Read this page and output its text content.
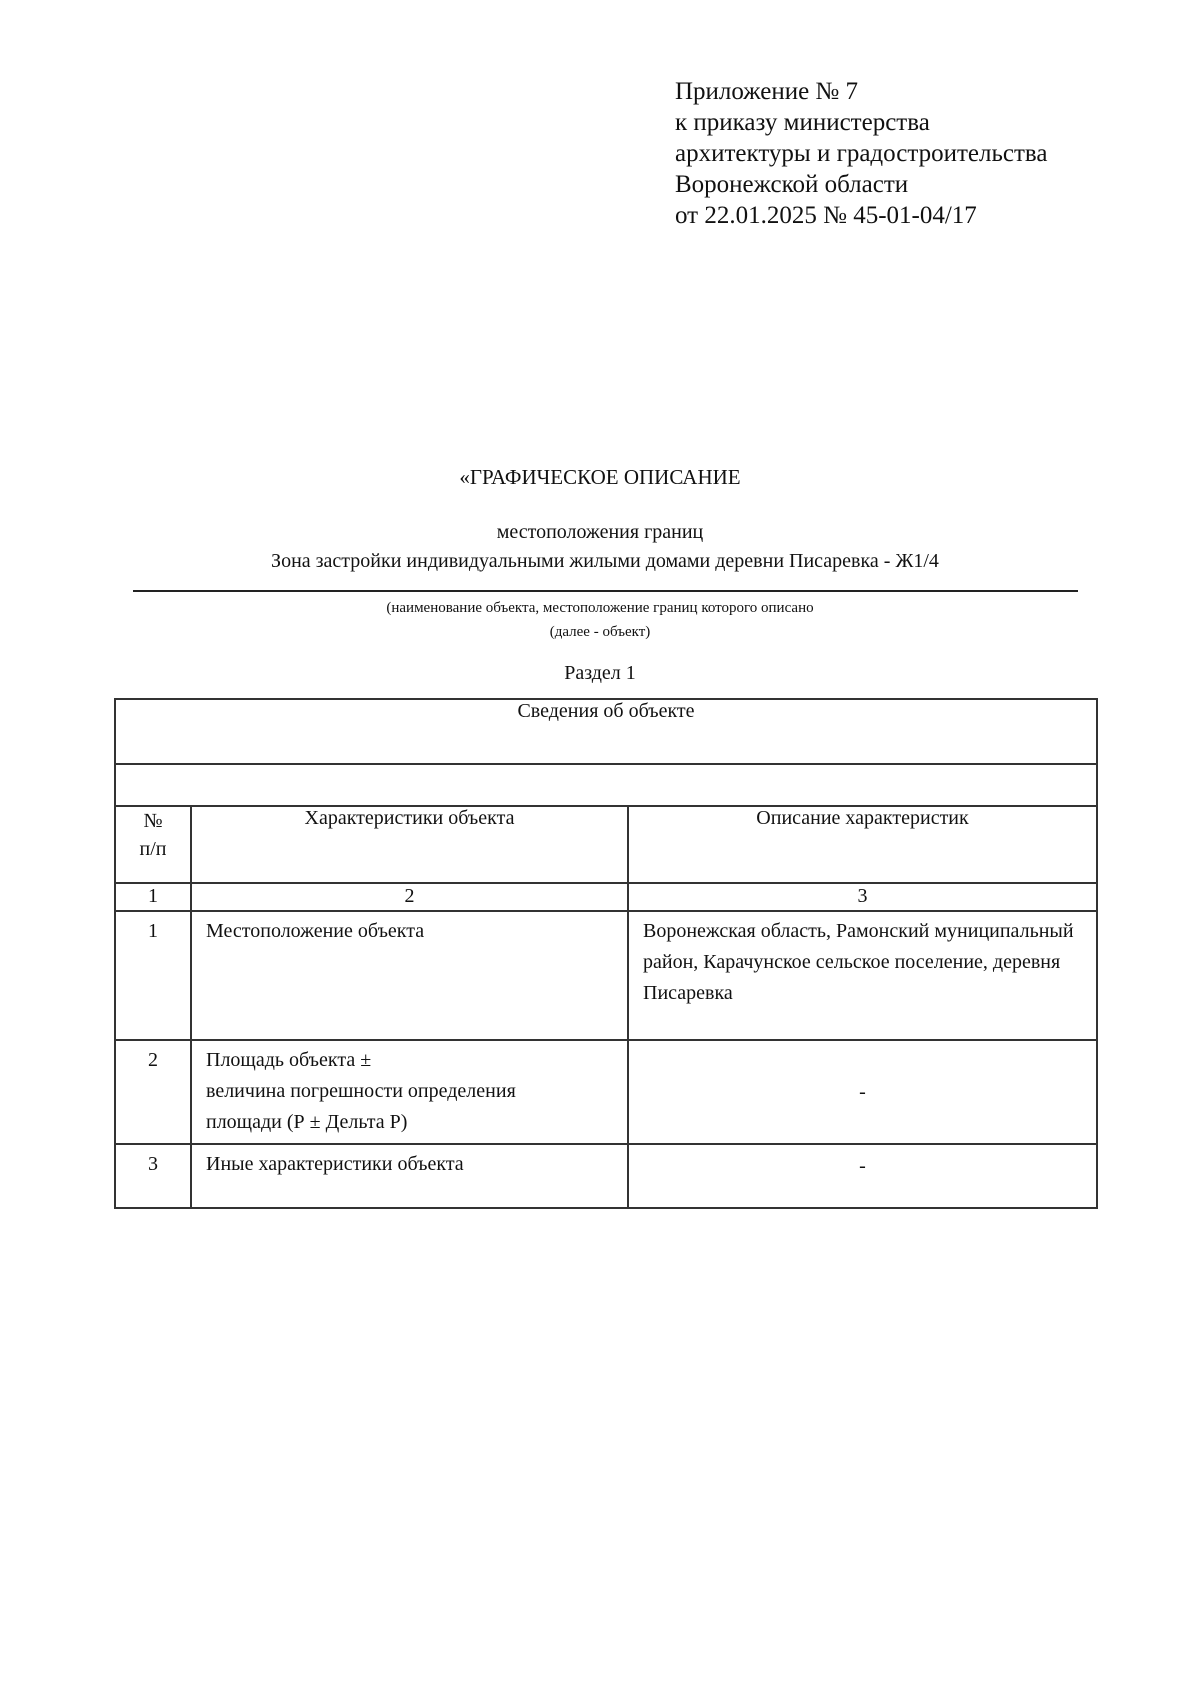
Приложение № 7
к приказу министерства
архитектуры и градостроительства
Воронежской области
от 22.01.2025 № 45-01-04/17
«ГРАФИЧЕСКОЕ ОПИСАНИЕ
местоположения границ
Зона застройки индивидуальными жилыми домами деревни Писаревка - Ж1/4
(наименование объекта, местоположение границ которого описано
(далее - объект)
Раздел 1
Сведения об объекте		

№
п/п	Характеристики объекта	Описание характеристик
1	2	3
1	Местоположение объекта	Воронежская область, Рамонский муниципальный район, Карачунское сельское поселение, деревня Писаревка
2	Площадь объекта ±
величина погрешности определения
площади (Р ± Дельта Р)	-
3	Иные характеристики объекта	-
